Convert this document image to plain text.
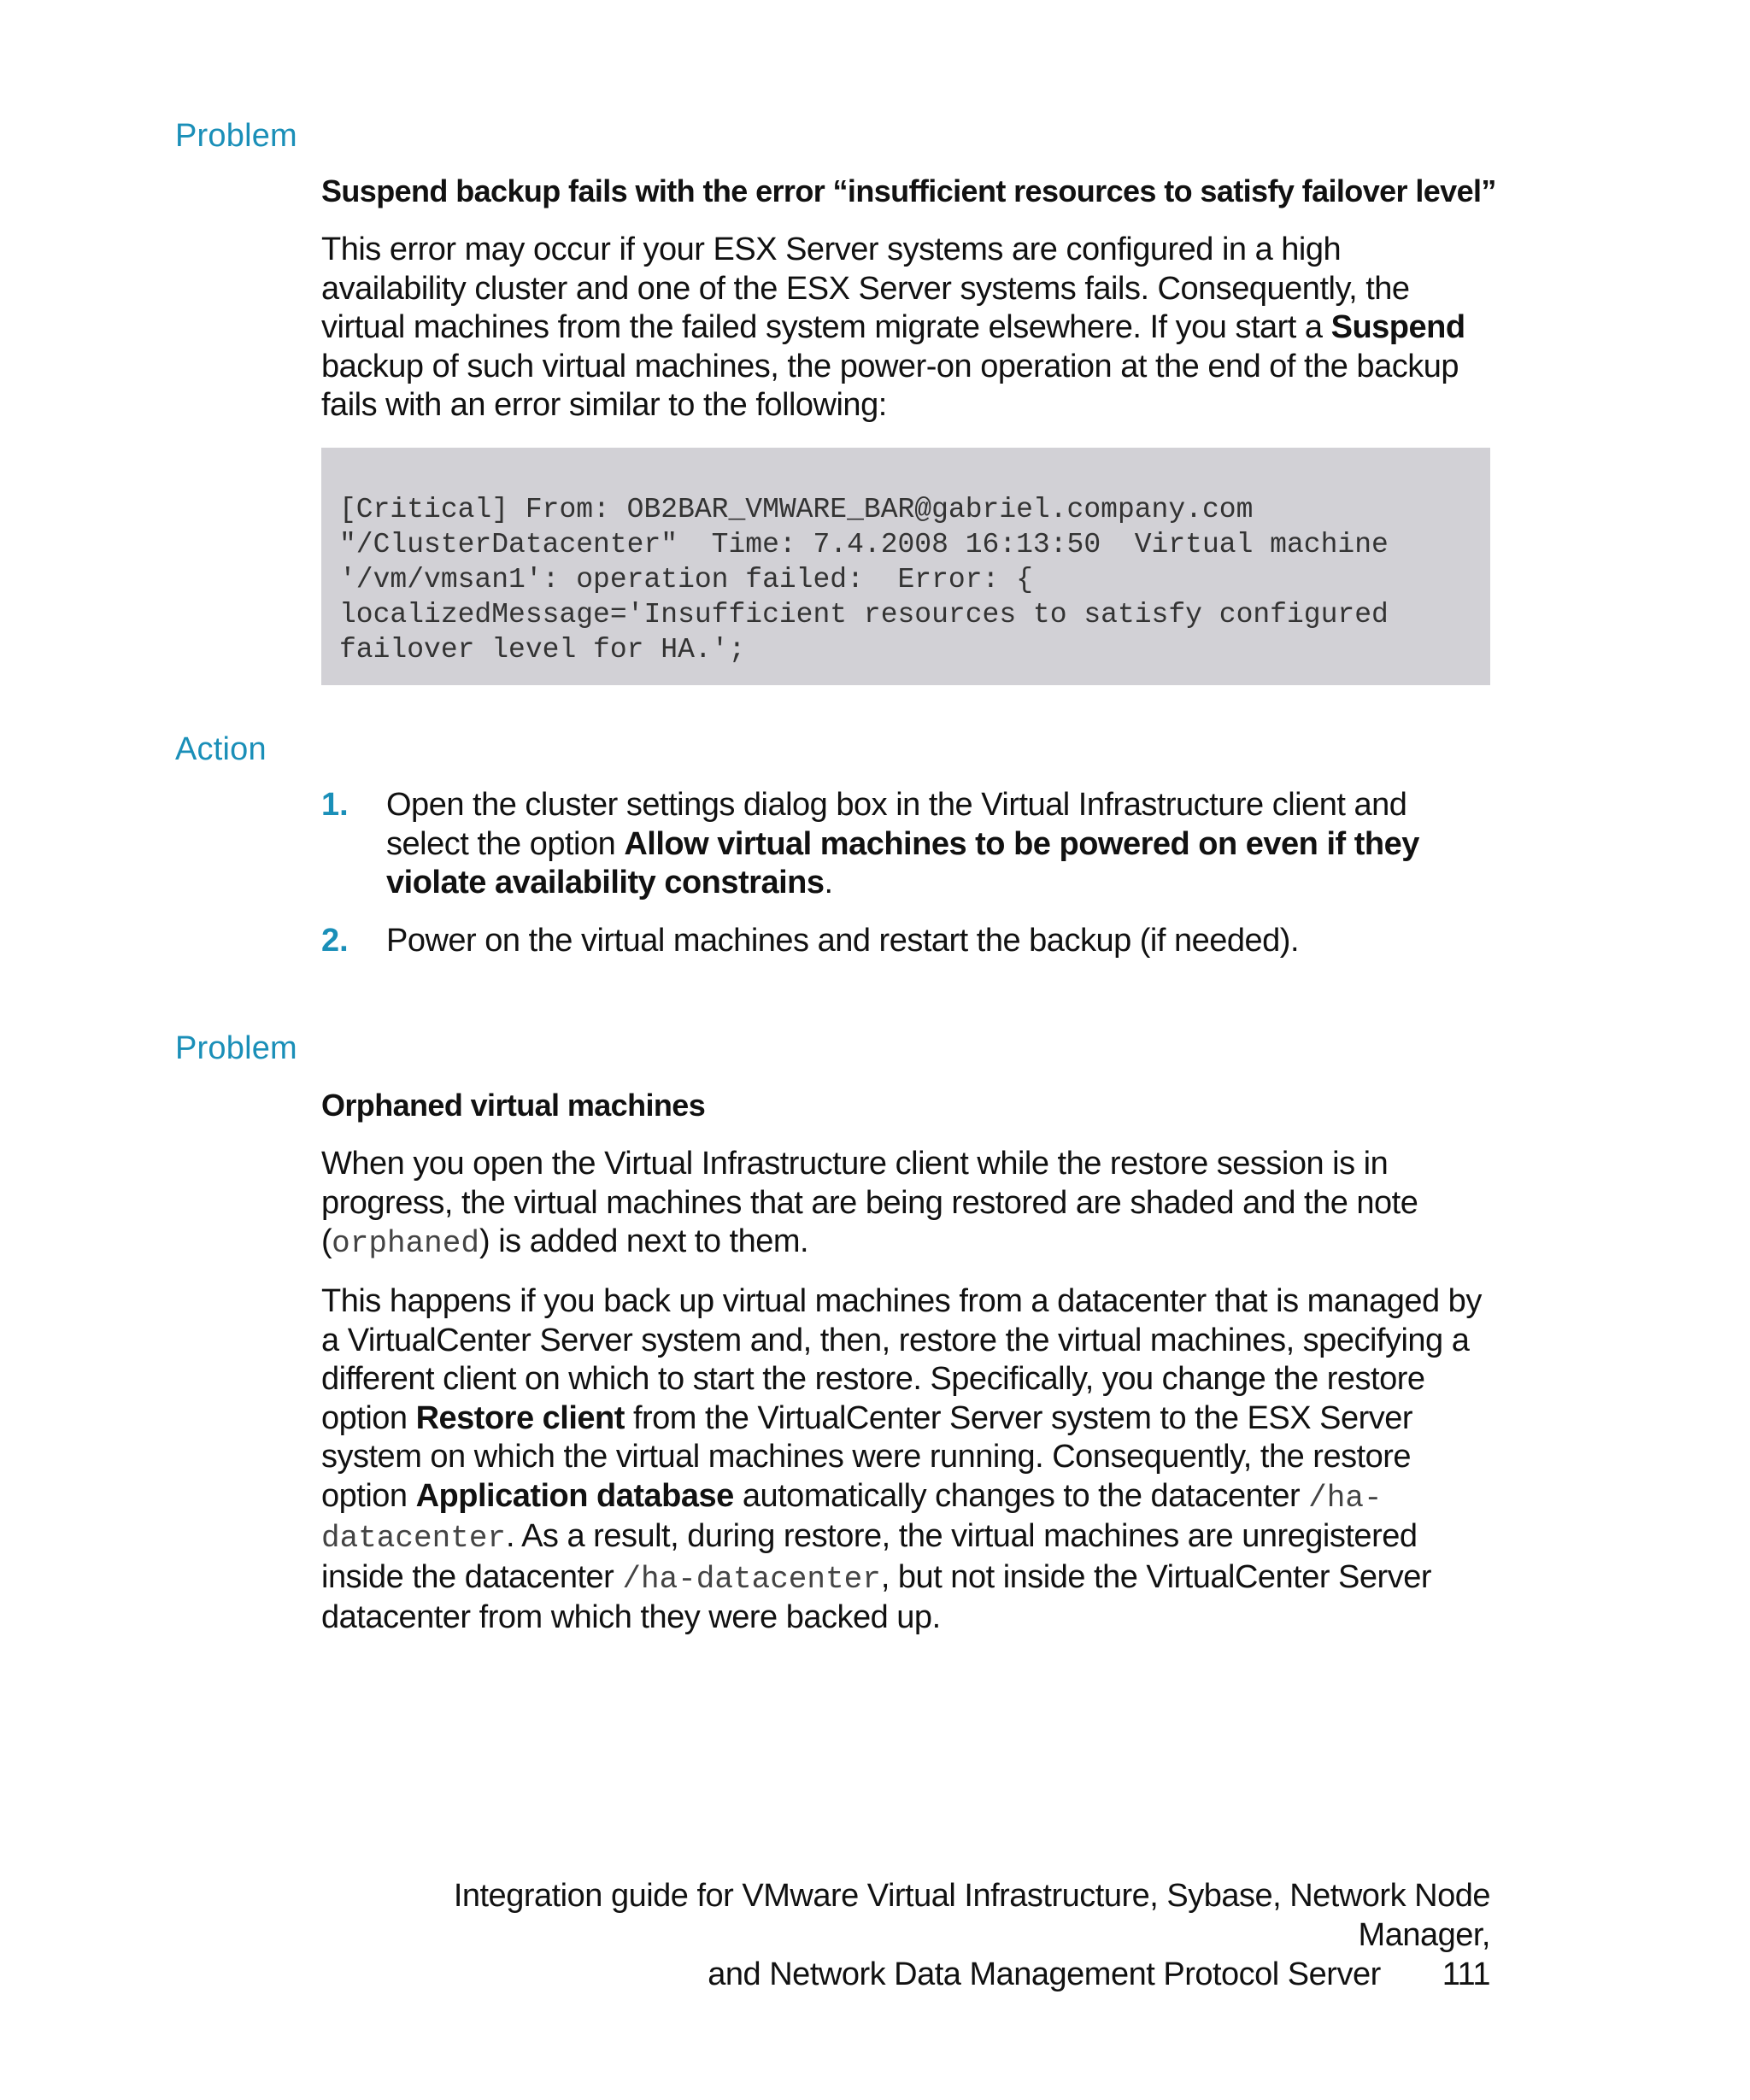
Problem

Suspend backup fails with the error “insufficient resources to satisfy failover level”

This error may occur if your ESX Server systems are configured in a high availability cluster and one of the ESX Server systems fails. Consequently, the virtual machines from the failed system migrate elsewhere. If you start a Suspend backup of such virtual machines, the power-on operation at the end of the backup fails with an error similar to the following:

[Critical] From: OB2BAR_VMWARE_BAR@gabriel.company.com
"/ClusterDatacenter"  Time: 7.4.2008 16:13:50  Virtual machine
'/vm/vmsan1': operation failed:  Error: {
localizedMessage='Insufficient resources to satisfy configured
failover level for HA.';
Action
1. Open the cluster settings dialog box in the Virtual Infrastructure client and select the option Allow virtual machines to be powered on even if they violate availability constrains.
2. Power on the virtual machines and restart the backup (if needed).
Problem

Orphaned virtual machines

When you open the Virtual Infrastructure client while the restore session is in progress, the virtual machines that are being restored are shaded and the note (orphaned) is added next to them.

This happens if you back up virtual machines from a datacenter that is managed by a VirtualCenter Server system and, then, restore the virtual machines, specifying a different client on which to start the restore. Specifically, you change the restore option Restore client from the VirtualCenter Server system to the ESX Server system on which the virtual machines were running. Consequently, the restore option Application database automatically changes to the datacenter /ha-datacenter. As a result, during restore, the virtual machines are unregistered inside the datacenter /ha-datacenter, but not inside the VirtualCenter Server datacenter from which they were backed up.

Integration guide for VMware Virtual Infrastructure, Sybase, Network Node Manager,
and Network Data Management Protocol Server 111
